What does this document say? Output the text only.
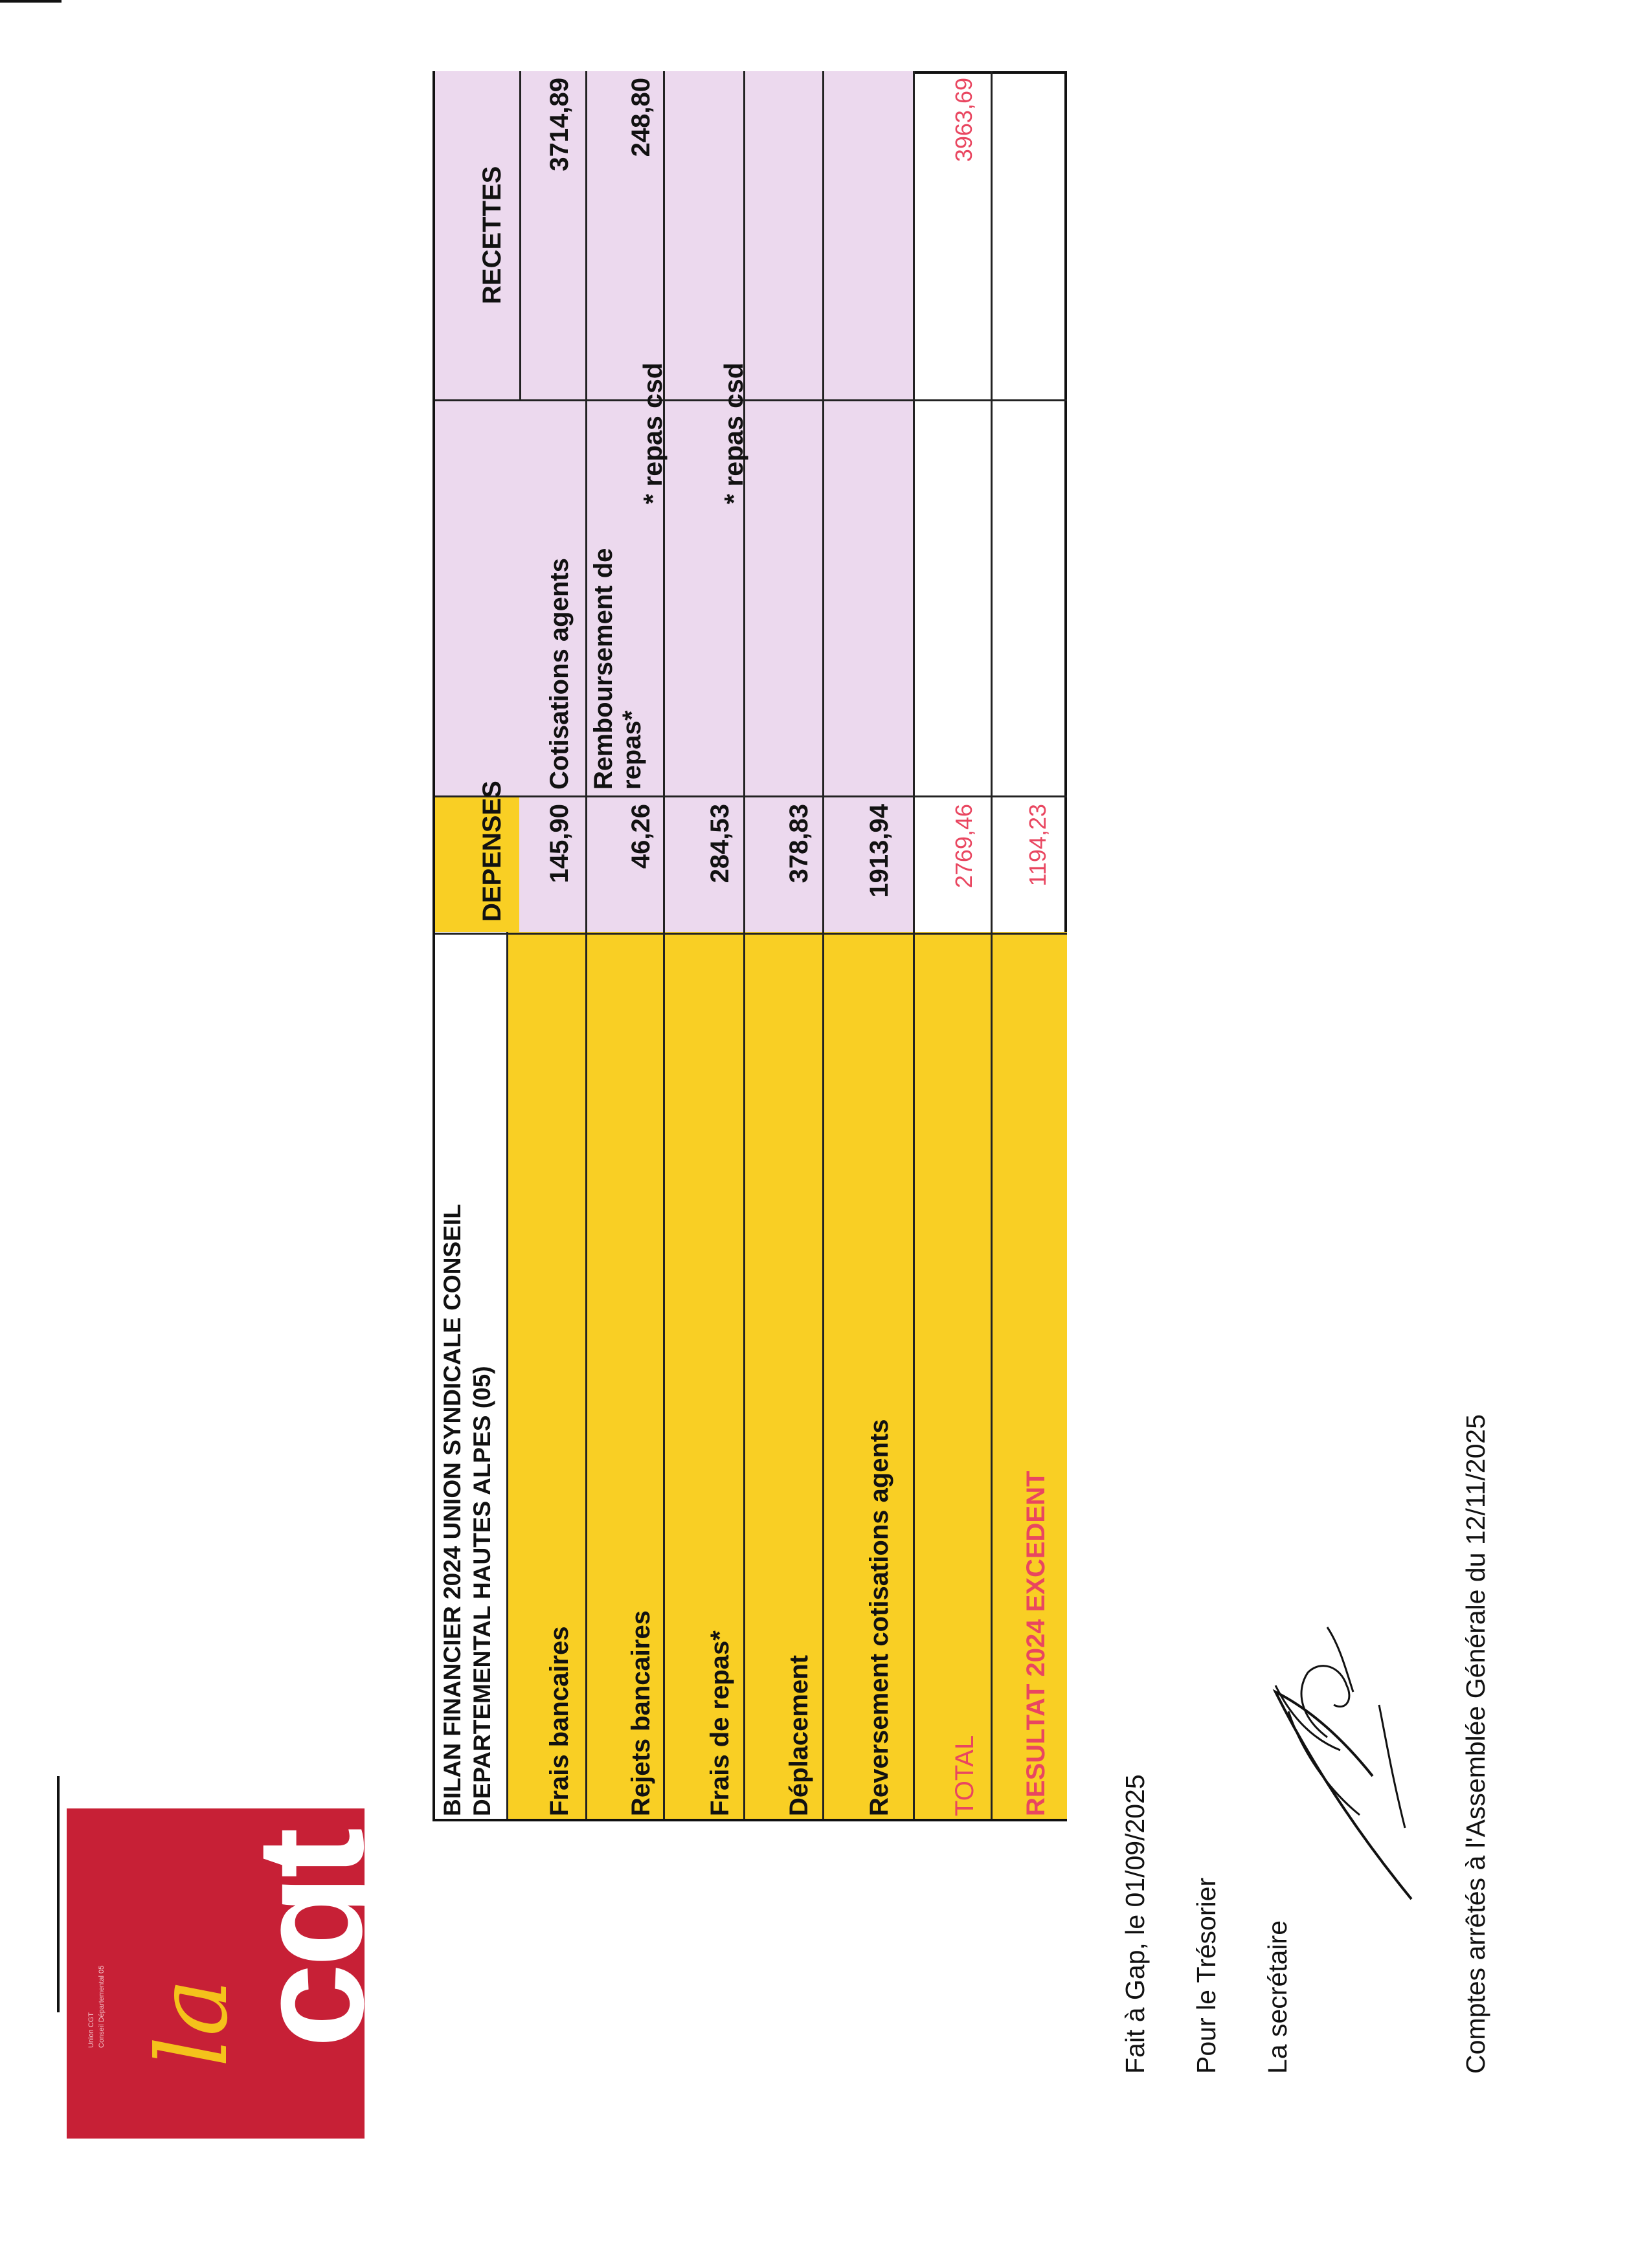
Union CGT Conseil Départemental 05 la
cgt
DEPENSES
RECETTES
Frais bancaires
145,90
Rejets bancaires
46,26
Frais de repas*
284,53
Déplacement
378,83
Reversement cotisations agents
1913,94
Cotisations agents
3714,89
Remboursement de repas*
248,80
TOTAL
2769,46
3963,69
RESULTAT 2024 EXCEDENT
1194,23
BILAN FINANCIER 2024 UNION SYNDICALE CONSEIL DEPARTEMENTAL HAUTES ALPES (05)
* repas csd * repas csd
Fait à Gap, le 01/09/2025 Pour le Trésorier La secrétaire	Comptes arrêtés à l'Assemblée Générale du 12/11/2025
